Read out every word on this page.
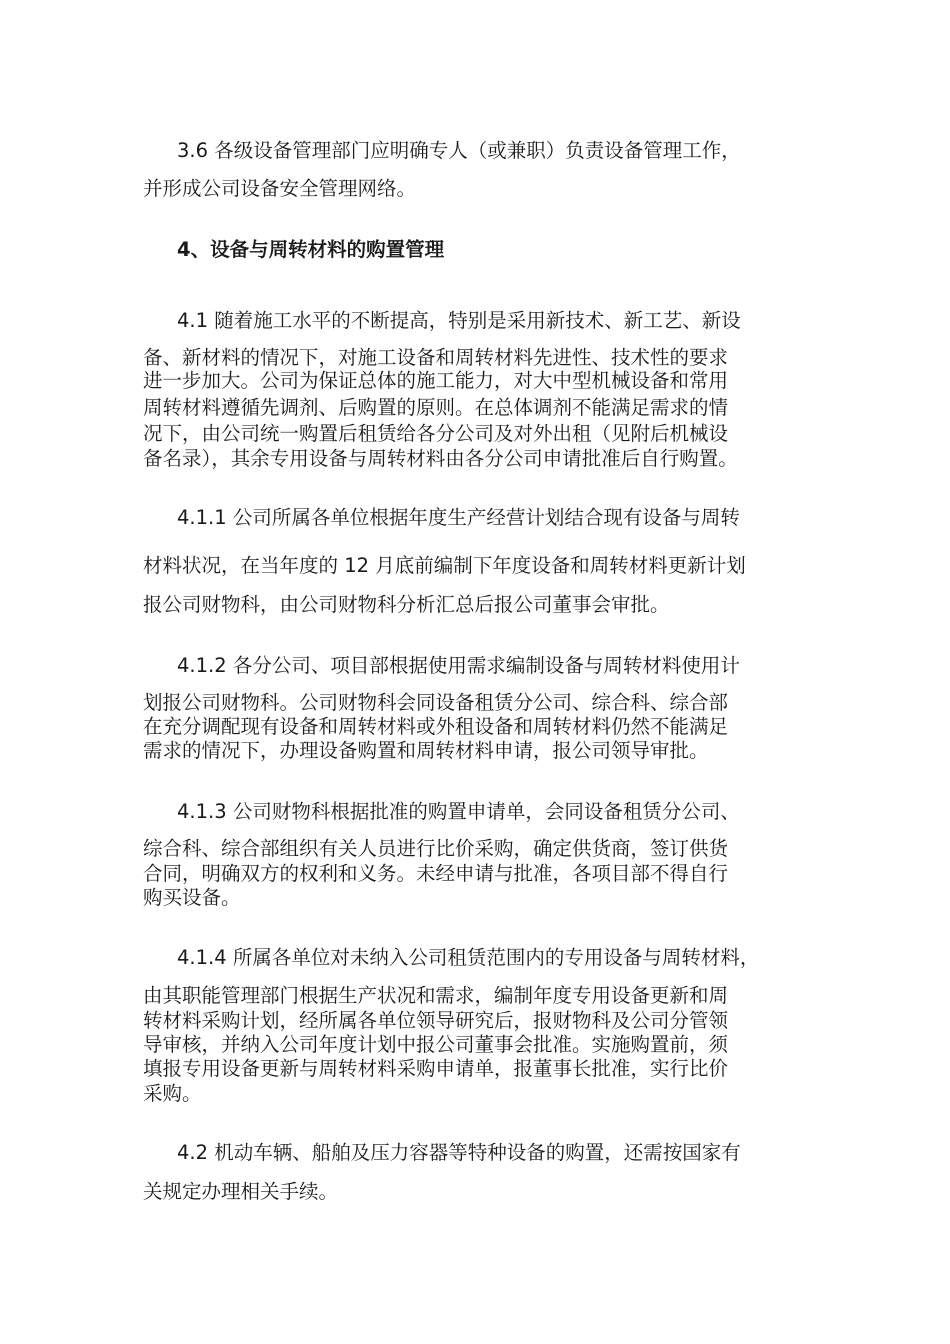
3.6 各级设备管理部门应明确专人（或兼职）负责设备管理工作，
并形成公司设备安全管理网络。
4、设备与周转材料的购置管理
4.1 随着施工水平的不断提高，特别是采用新技术、新工艺、新设
备、新材料的情况下，对施工设备和周转材料先进性、技术性的要求
进一步加大。公司为保证总体的施工能力，对大中型机械设备和常用
周转材料遵循先调剂、后购置的原则。在总体调剂不能满足需求的情
况下，由公司统一购置后租赁给各分公司及对外出租（见附后机械设
备名录），其余专用设备与周转材料由各分公司申请批准后自行购置。
4.1.1 公司所属各单位根据年度生产经营计划结合现有设备与周转
材料状况，在当年度的 12 月底前编制下年度设备和周转材料更新计划
报公司财物科，由公司财物科分析汇总后报公司董事会审批。
4.1.2 各分公司、项目部根据使用需求编制设备与周转材料使用计
划报公司财物科。公司财物科会同设备租赁分公司、综合科、综合部
在充分调配现有设备和周转材料或外租设备和周转材料仍然不能满足
需求的情况下，办理设备购置和周转材料申请，报公司领导审批。
4.1.3 公司财物科根据批准的购置申请单，会同设备租赁分公司、
综合科、综合部组织有关人员进行比价采购，确定供货商，签订供货
合同，明确双方的权利和义务。未经申请与批准，各项目部不得自行
购买设备。
4.1.4 所属各单位对未纳入公司租赁范围内的专用设备与周转材料，
由其职能管理部门根据生产状况和需求，编制年度专用设备更新和周
转材料采购计划，经所属各单位领导研究后，报财物科及公司分管领
导审核，并纳入公司年度计划中报公司董事会批准。实施购置前，须
填报专用设备更新与周转材料采购申请单，报董事长批准，实行比价
采购。
4.2 机动车辆、船舶及压力容器等特种设备的购置，还需按国家有
关规定办理相关手续。
